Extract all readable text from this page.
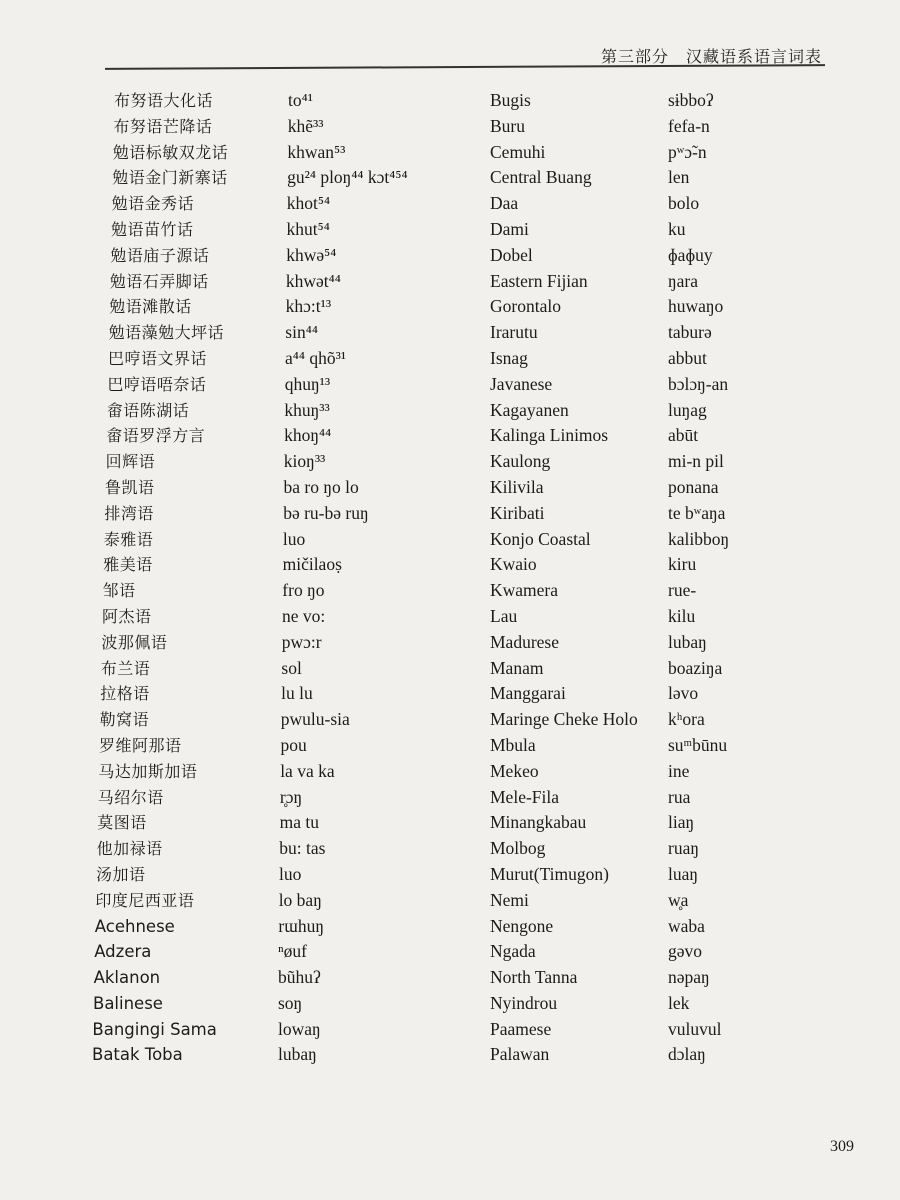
第三部分　汉藏语系语言词表
布努语大化话
布努语芒降话
勉语标敏双龙话
勉语金门新寨话
勉语金秀话
勉语苗竹话
勉语庙子源话
勉语石弄脚话
勉语滩散话
勉语藻勉大坪话
巴哼语文界话
巴哼语唔奈话
畲语陈湖话
畲语罗浮方言
回辉语
鲁凯语
排湾语
泰雅语
雅美语
邹语
阿杰语
波那佩语
布兰语
拉格语
勒窝语
罗维阿那语
马达加斯加语
马绍尔语
莫图语
他加禄语
汤加语
印度尼西亚语
Acehnese
Adzera
Aklanon
Balinese
Bangingi Sama
Batak Toba
to⁴¹
khẽ³³
khwan⁵³
gu²⁴ ploŋ⁴⁴ kɔt⁴⁵⁴
khot⁵⁴
khut⁵⁴
khwə⁵⁴
khwət⁴⁴
khɔ:t¹³
sin⁴⁴
a⁴⁴ qhõ³¹
qhuŋ¹³
khuŋ³³
khoŋ⁴⁴
kioŋ³³
ba ro ŋo lo
bə ru-bə ruŋ
luo
mičilaoṣ
fro ŋo
ne vo:
pwɔ:r
sol
lu lu
pwulu-sia
pou
la va ka
r̥ɔŋ
ma tu
bu: tas
luo
lo baŋ
rɯhuŋ
ⁿøuf
bũhuʔ
soŋ
lowaŋ
lubaŋ
Bugis
Buru
Cemuhi
Central Buang
Daa
Dami
Dobel
Eastern Fijian
Gorontalo
Irarutu
Isnag
Javanese
Kagayanen
Kalinga Linimos
Kaulong
Kilivila
Kiribati
Konjo Coastal
Kwaio
Kwamera
Lau
Madurese
Manam
Manggarai
Maringe Cheke Holo
Mbula
Mekeo
Mele-Fila
Minangkabau
Molbog
Murut(Timugon)
Nemi
Nengone
Ngada
North Tanna
Nyindrou
Paamese
Palawan
sɨbboʔ
fefa-n
pʷɔ̃-n
len
bolo
ku
ɸaɸuy
ŋara
huwaŋo
taburə
abbut
bɔlɔŋ-an
luŋag
abūt
mi-n pil
ponana
te bʷaŋa
kalibboŋ
kiru
rue-
kilu
lubaŋ
boaziŋa
ləvo
kʰora
suᵐbūnu
ine
rua
liaŋ
ruaŋ
luaŋ
w̥a
waba
gəvo
nəpaŋ
lek
vuluvul
dɔlaŋ
309
